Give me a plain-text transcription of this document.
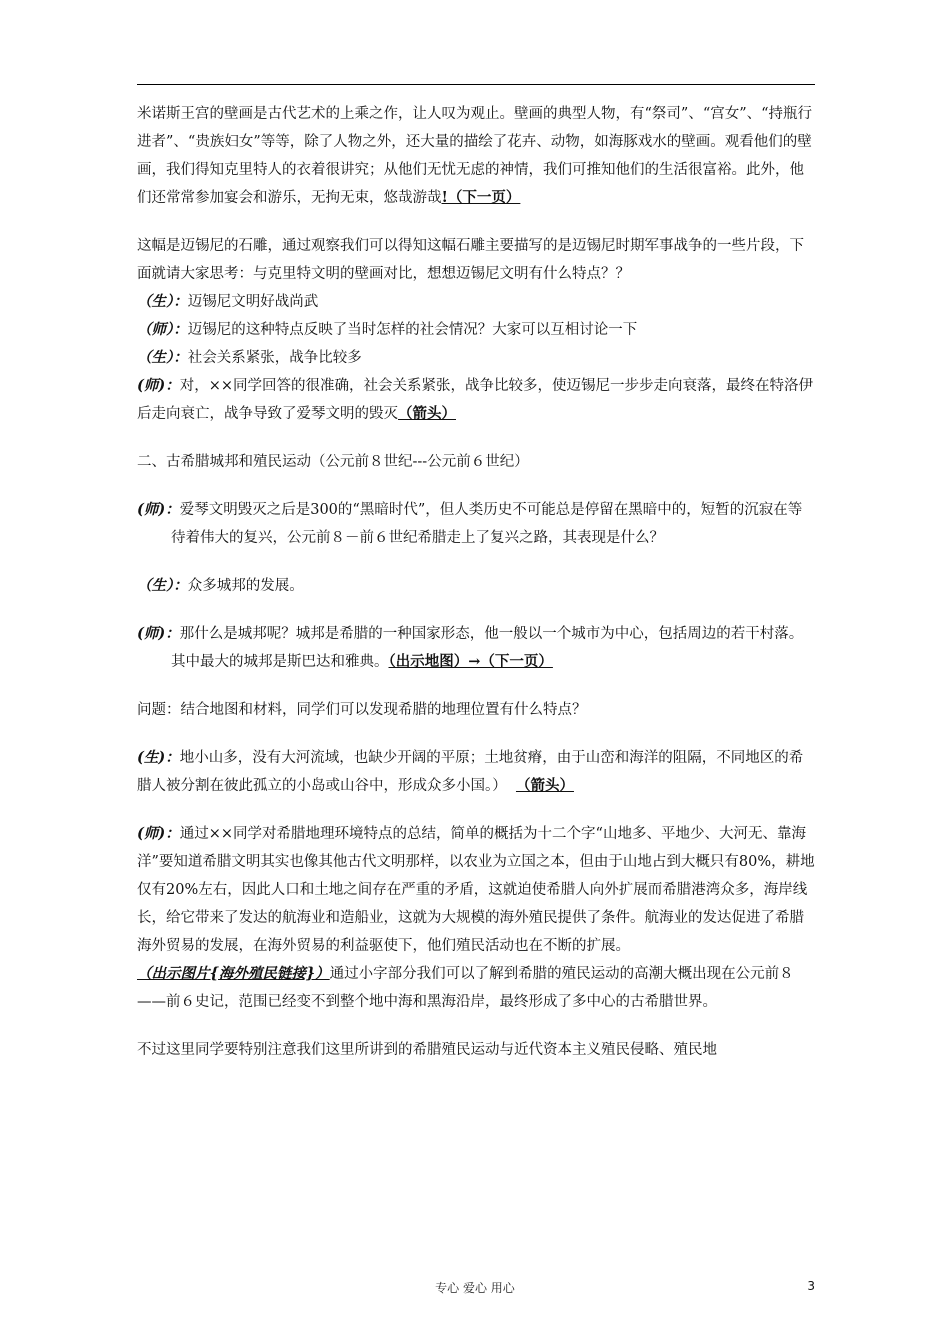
米诺斯王宫的壁画是古代艺术的上乘之作，让人叹为观止。壁画的典型人物，有“祭司”、“宫女”、“持瓶行进者”、“贵族妇女”等等，除了人物之外，还大量的描绘了花卉、动物，如海豚戏水的壁画。观看他们的壁画，我们得知克里特人的衣着很讲究；从他们无忧无虑的神情，我们可推知他们的生活很富裕。此外，他们还常常参加宴会和游乐，无拘无束，悠哉游哉!（下一页）

这幅是迈锡尼的石雕，通过观察我们可以得知这幅石雕主要描写的是迈锡尼时期军事战争的一些片段，下面就请大家思考：与克里特文明的壁画对比，想想迈锡尼文明有什么特点？？

（生）：迈锡尼文明好战尚武

（师）：迈锡尼的这种特点反映了当时怎样的社会情况？大家可以互相讨论一下

（生）：社会关系紧张，战争比较多

(师)：对，××同学回答的很准确，社会关系紧张，战争比较多，使迈锡尼一步步走向衰落，最终在特洛伊后走向衰亡，战争导致了爱琴文明的毁灭（箭头）

二、古希腊城邦和殖民运动（公元前８世纪---公元前６世纪）

(师)：爱琴文明毁灭之后是300的“黑暗时代”，但人类历史不可能总是停留在黑暗中的，短暂的沉寂在等待着伟大的复兴，公元前８－前６世纪希腊走上了复兴之路，其表现是什么？

（生）：众多城邦的发展。

(师)：那什么是城邦呢？城邦是希腊的一种国家形态，他一般以一个城市为中心，包括周边的若干村落。其中最大的城邦是斯巴达和雅典。（出示地图）→（下一页）

问题：结合地图和材料，同学们可以发现希腊的地理位置有什么特点？

(生)：地小山多，没有大河流域，也缺少开阔的平原；土地贫瘠，由于山峦和海洋的阻隔，不同地区的希腊人被分割在彼此孤立的小岛或山谷中，形成众多小国。） （箭头）

(师)：通过××同学对希腊地理环境特点的总结，简单的概括为十二个字“山地多、平地少、大河无、靠海洋”要知道希腊文明其实也像其他古代文明那样，以农业为立国之本，但由于山地占到大概只有80%，耕地仅有20%左右，因此人口和土地之间存在严重的矛盾，这就迫使希腊人向外扩展而希腊港湾众多，海岸线长，给它带来了发达的航海业和造船业，这就为大规模的海外殖民提供了条件。航海业的发达促进了希腊海外贸易的发展，在海外贸易的利益驱使下，他们殖民活动也在不断的扩展。（出示图片{海外殖民链接}）通过小字部分我们可以了解到希腊的殖民运动的高潮大概出现在公元前８——前６史记，范围已经变不到整个地中海和黑海沿岸，最终形成了多中心的古希腊世界。

不过这里同学要特别注意我们这里所讲到的希腊殖民运动与近代资本主义殖民侵略、殖民地

专心 爱心 用心	3
